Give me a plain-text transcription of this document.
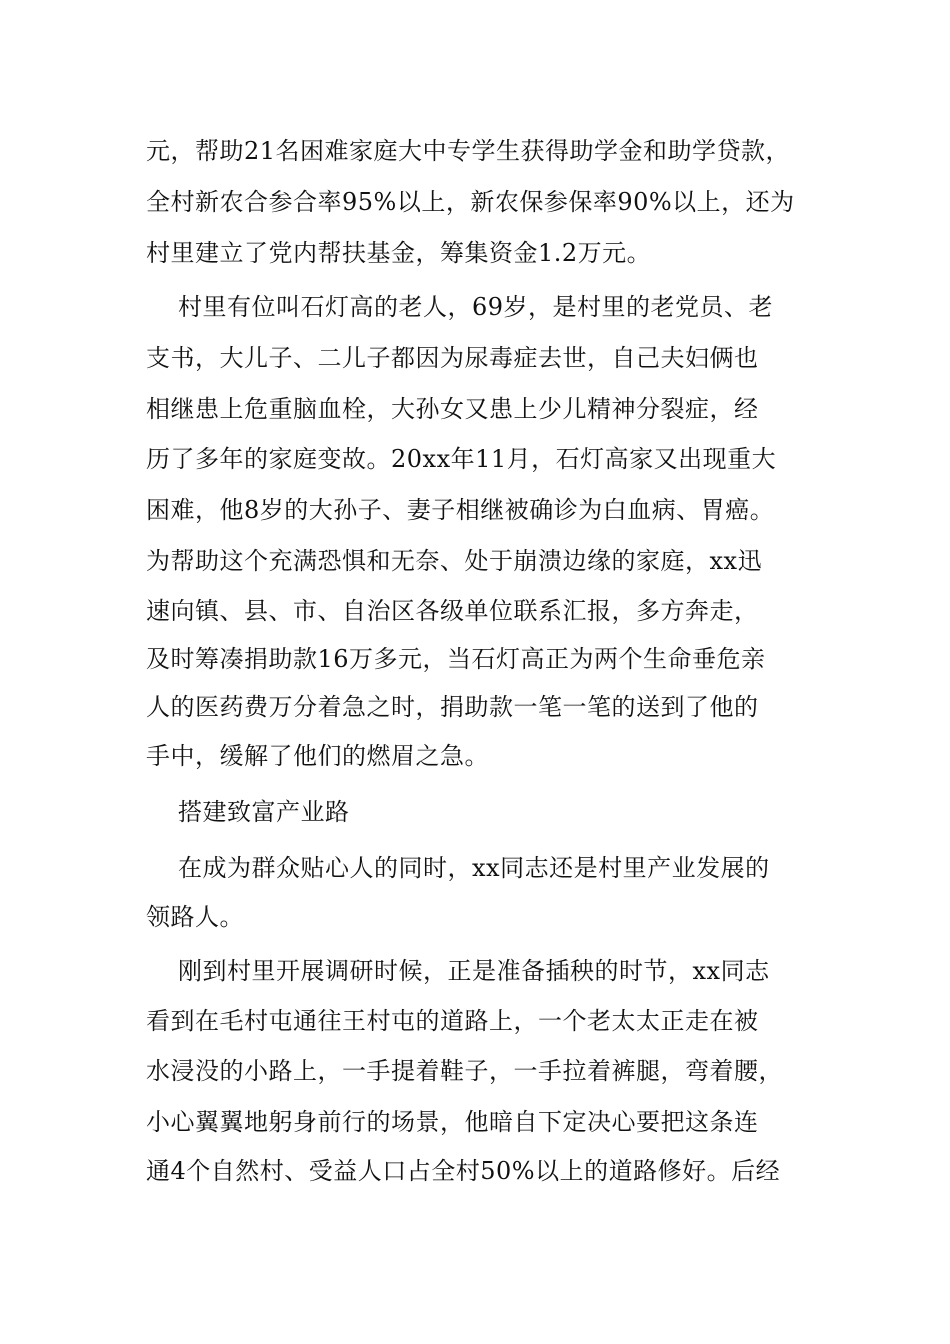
元，帮助21名困难家庭大中专学生获得助学金和助学贷款，
全村新农合参合率95%以上，新农保参保率90%以上，还为
村里建立了党内帮扶基金，筹集资金1.2万元。
村里有位叫石灯高的老人，69岁，是村里的老党员、老
支书，大儿子、二儿子都因为尿毒症去世，自己夫妇俩也
相继患上危重脑血栓，大孙女又患上少儿精神分裂症，经
历了多年的家庭变故。20xx年11月，石灯高家又出现重大
困难，他8岁的大孙子、妻子相继被确诊为白血病、胃癌。
为帮助这个充满恐惧和无奈、处于崩溃边缘的家庭，xx迅
速向镇、县、市、自治区各级单位联系汇报，多方奔走，
及时筹凑捐助款16万多元，当石灯高正为两个生命垂危亲
人的医药费万分着急之时，捐助款一笔一笔的送到了他的
手中，缓解了他们的燃眉之急。
搭建致富产业路
在成为群众贴心人的同时，xx同志还是村里产业发展的
领路人。
刚到村里开展调研时候，正是准备插秧的时节，xx同志
看到在毛村屯通往王村屯的道路上，一个老太太正走在被
水浸没的小路上，一手提着鞋子，一手拉着裤腿，弯着腰，
小心翼翼地躬身前行的场景，他暗自下定决心要把这条连
通4个自然村、受益人口占全村50%以上的道路修好。后经
